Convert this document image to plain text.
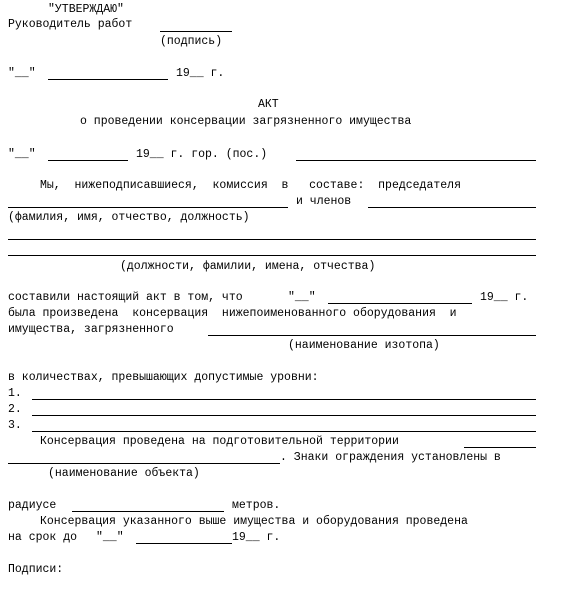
"УТВЕРЖДАЮ"
Руководитель работ
(подпись)
"__"	19__ г.
АКТ
о проведении консервации загрязненного имущества
"__"	19__ г. гор. (пос.)
Мы,  нижеподписавшиеся,  комиссия  в   составе:  председателя
и членов
(фамилия, имя, отчество, должность)
(должности, фамилии, имена, отчества)
составили настоящий акт в том, что	"__"	19__ г.
была произведена  консервация  нижепоименованного оборудования  и
имущества, загрязненного
(наименование изотопа)
в количествах, превышающих допустимые уровни:
1.
2.
3.
Консервация проведена на подготовительной территории
. Знаки ограждения установлены в
(наименование объекта)
радиусе	метров.
Консервация указанного выше имущества и оборудования проведена
на срок до "__"	19__ г.
Подписи:
